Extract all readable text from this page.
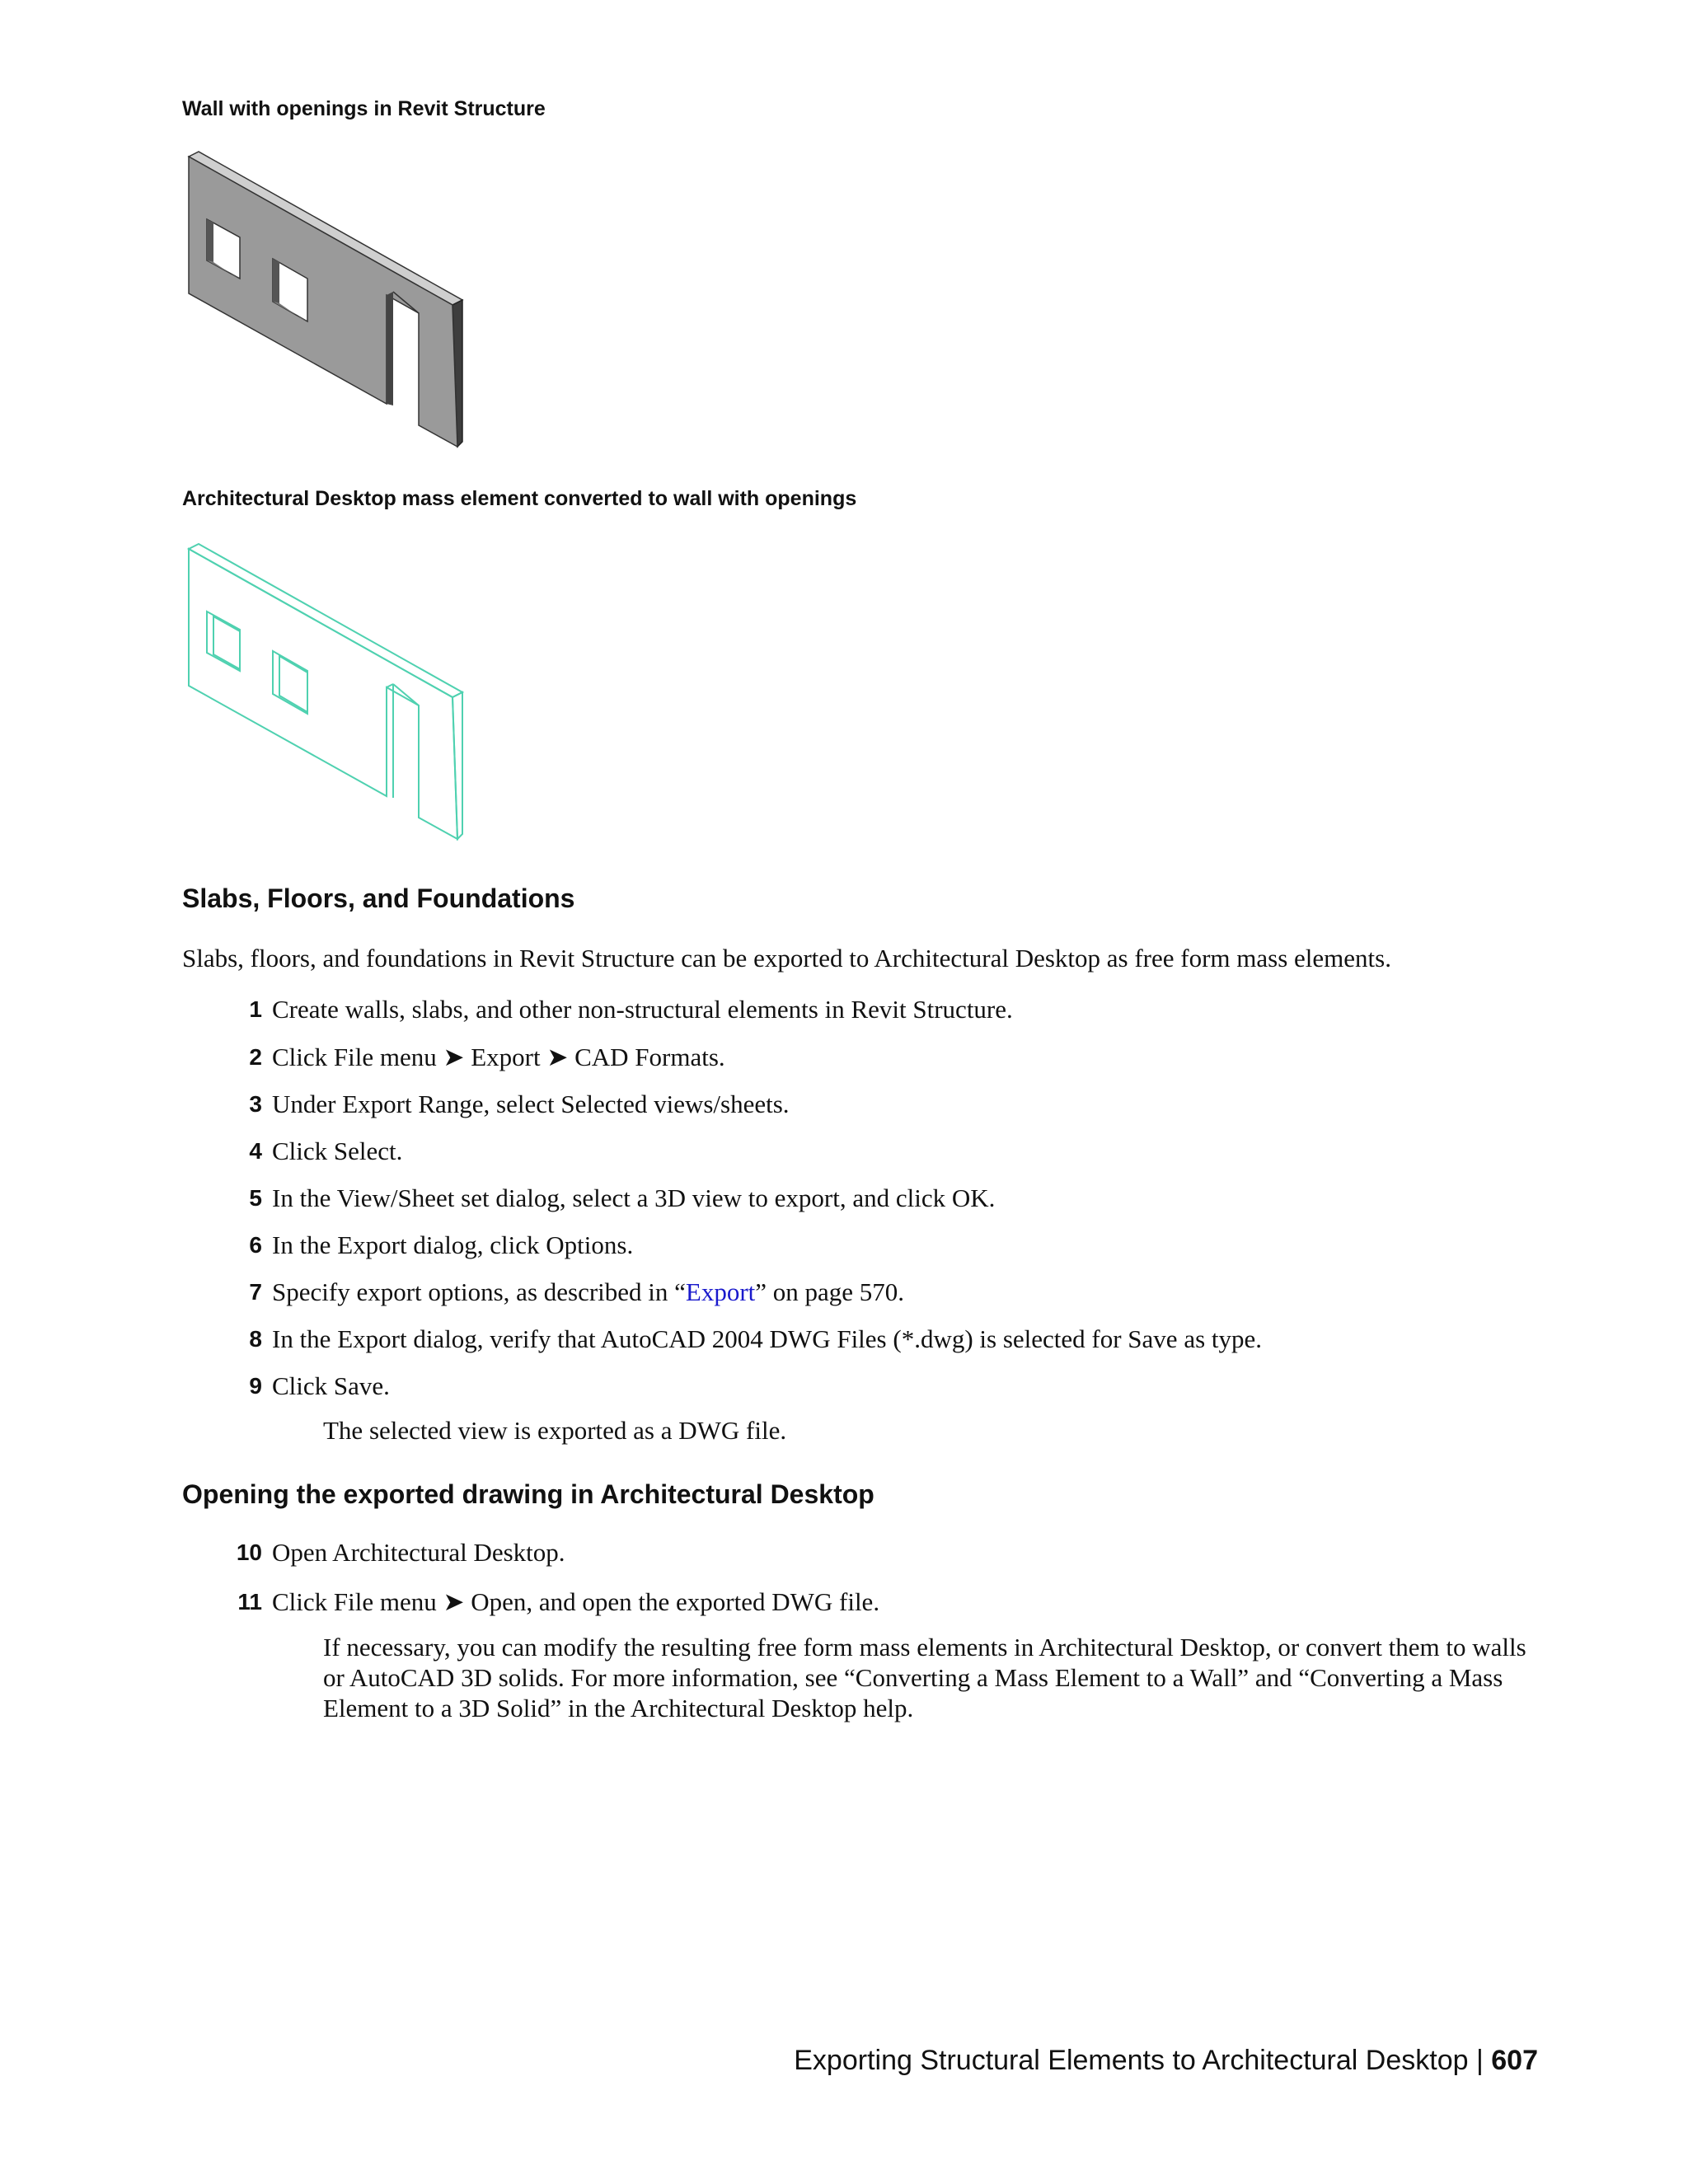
Wall with openings in Revit Structure
Architectural Desktop mass element converted to wall with openings
Slabs, Floors, and Foundations

Slabs, floors, and foundations in Revit Structure can be exported to Architectural Desktop as free form mass elements.

1 Create walls, slabs, and other non-structural elements in Revit Structure.

2 Click File menu ➤ Export ➤ CAD Formats.

3 Under Export Range, select Selected views/sheets.

4 Click Select.

5 In the View/Sheet set dialog, select a 3D view to export, and click OK.

6 In the Export dialog, click Options.

7 Specify export options, as described in “Export” on page 570.

8 In the Export dialog, verify that AutoCAD 2004 DWG Files (*.dwg) is selected for Save as type.

9 Click Save.

The selected view is exported as a DWG file.

Opening the exported drawing in Architectural Desktop

10 Open Architectural Desktop.

11 Click File menu ➤ Open, and open the exported DWG file.

If necessary, you can modify the resulting free form mass elements in Architectural Desktop, or convert them to walls or AutoCAD 3D solids. For more information, see “Converting a Mass Element to a Wall” and “Converting a Mass Element to a 3D Solid” in the Architectural Desktop help.

Exporting Structural Elements to Architectural Desktop | 607
